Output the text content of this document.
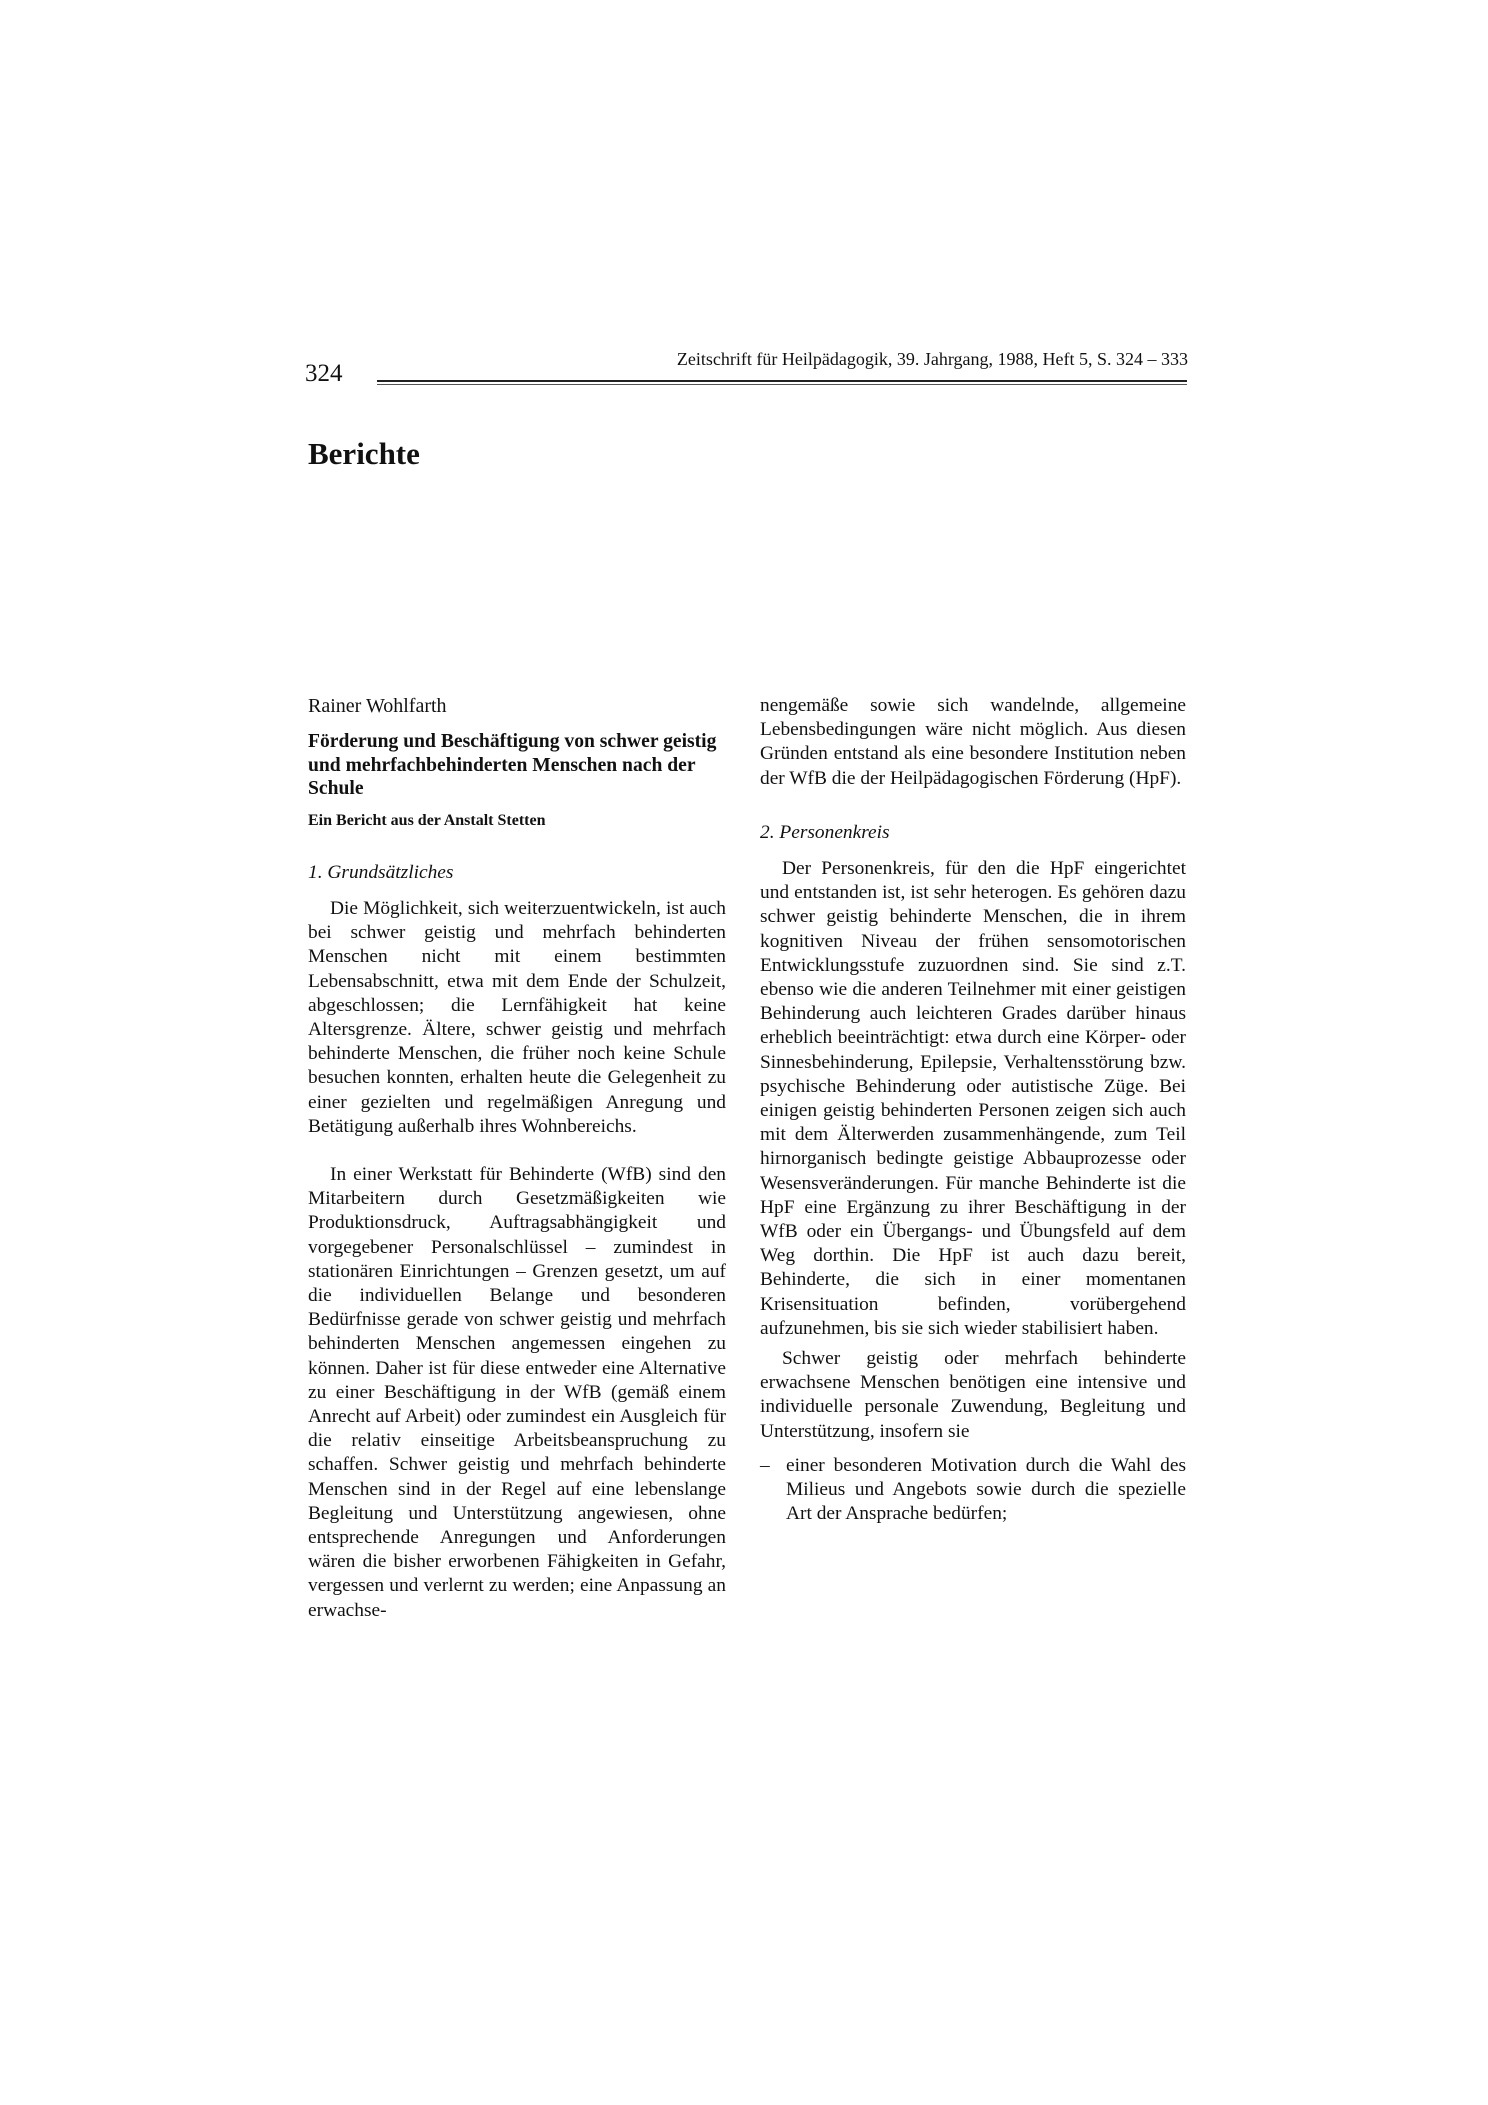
324
Zeitschrift für Heilpädagogik, 39. Jahrgang, 1988, Heft 5, S. 324 – 333
Berichte

Rainer Wohlfarth

Förderung und Beschäftigung von schwer geistig und mehrfachbehinderten Menschen nach der Schule

Ein Bericht aus der Anstalt Stetten

1. Grundsätzliches

Die Möglichkeit, sich weiterzuentwickeln, ist auch bei schwer geistig und mehrfach behinderten Menschen nicht mit einem bestimmten Lebensabschnitt, etwa mit dem Ende der Schulzeit, abgeschlossen; die Lernfähigkeit hat keine Altersgrenze. Ältere, schwer geistig und mehrfach behinderte Menschen, die früher noch keine Schule besuchen konnten, erhalten heute die Gelegenheit zu einer gezielten und regelmäßigen Anregung und Betätigung außerhalb ihres Wohnbereichs.

In einer Werkstatt für Behinderte (WfB) sind den Mitarbeitern durch Gesetzmäßigkeiten wie Produktionsdruck, Auftragsabhängigkeit und vorgegebener Personalschlüssel – zumindest in stationären Einrichtungen – Grenzen gesetzt, um auf die individuellen Belange und besonderen Bedürfnisse gerade von schwer geistig und mehrfach behinderten Menschen angemessen eingehen zu können. Daher ist für diese entweder eine Alternative zu einer Beschäftigung in der WfB (gemäß einem Anrecht auf Arbeit) oder zumindest ein Ausgleich für die relativ einseitige Arbeitsbeanspruchung zu schaffen. Schwer geistig und mehrfach behinderte Menschen sind in der Regel auf eine lebenslange Begleitung und Unterstützung angewiesen, ohne entsprechende Anregungen und Anforderungen wären die bisher erworbenen Fähigkeiten in Gefahr, vergessen und verlernt zu werden; eine Anpassung an erwachse-

nengemäße sowie sich wandelnde, allgemeine Lebensbedingungen wäre nicht möglich. Aus diesen Gründen entstand als eine besondere Institution neben der WfB die der Heilpädagogischen Förderung (HpF).

2. Personenkreis

Der Personenkreis, für den die HpF eingerichtet und entstanden ist, ist sehr heterogen. Es gehören dazu schwer geistig behinderte Menschen, die in ihrem kognitiven Niveau der frühen sensomotorischen Entwicklungsstufe zuzuordnen sind. Sie sind z.T. ebenso wie die anderen Teilnehmer mit einer geistigen Behinderung auch leichteren Grades darüber hinaus erheblich beeinträchtigt: etwa durch eine Körper- oder Sinnesbehinderung, Epilepsie, Verhaltensstörung bzw. psychische Behinderung oder autistische Züge. Bei einigen geistig behinderten Personen zeigen sich auch mit dem Älterwerden zusammenhängende, zum Teil hirnorganisch bedingte geistige Abbauprozesse oder Wesensveränderungen. Für manche Behinderte ist die HpF eine Ergänzung zu ihrer Beschäftigung in der WfB oder ein Übergangs- und Übungsfeld auf dem Weg dorthin. Die HpF ist auch dazu bereit, Behinderte, die sich in einer momentanen Krisensituation befinden, vorübergehend aufzunehmen, bis sie sich wieder stabilisiert haben.

Schwer geistig oder mehrfach behinderte erwachsene Menschen benötigen eine intensive und individuelle personale Zuwendung, Begleitung und Unterstützung, insofern sie

– einer besonderen Motivation durch die Wahl des Milieus und Angebots sowie durch die spezielle Art der Ansprache bedürfen;
